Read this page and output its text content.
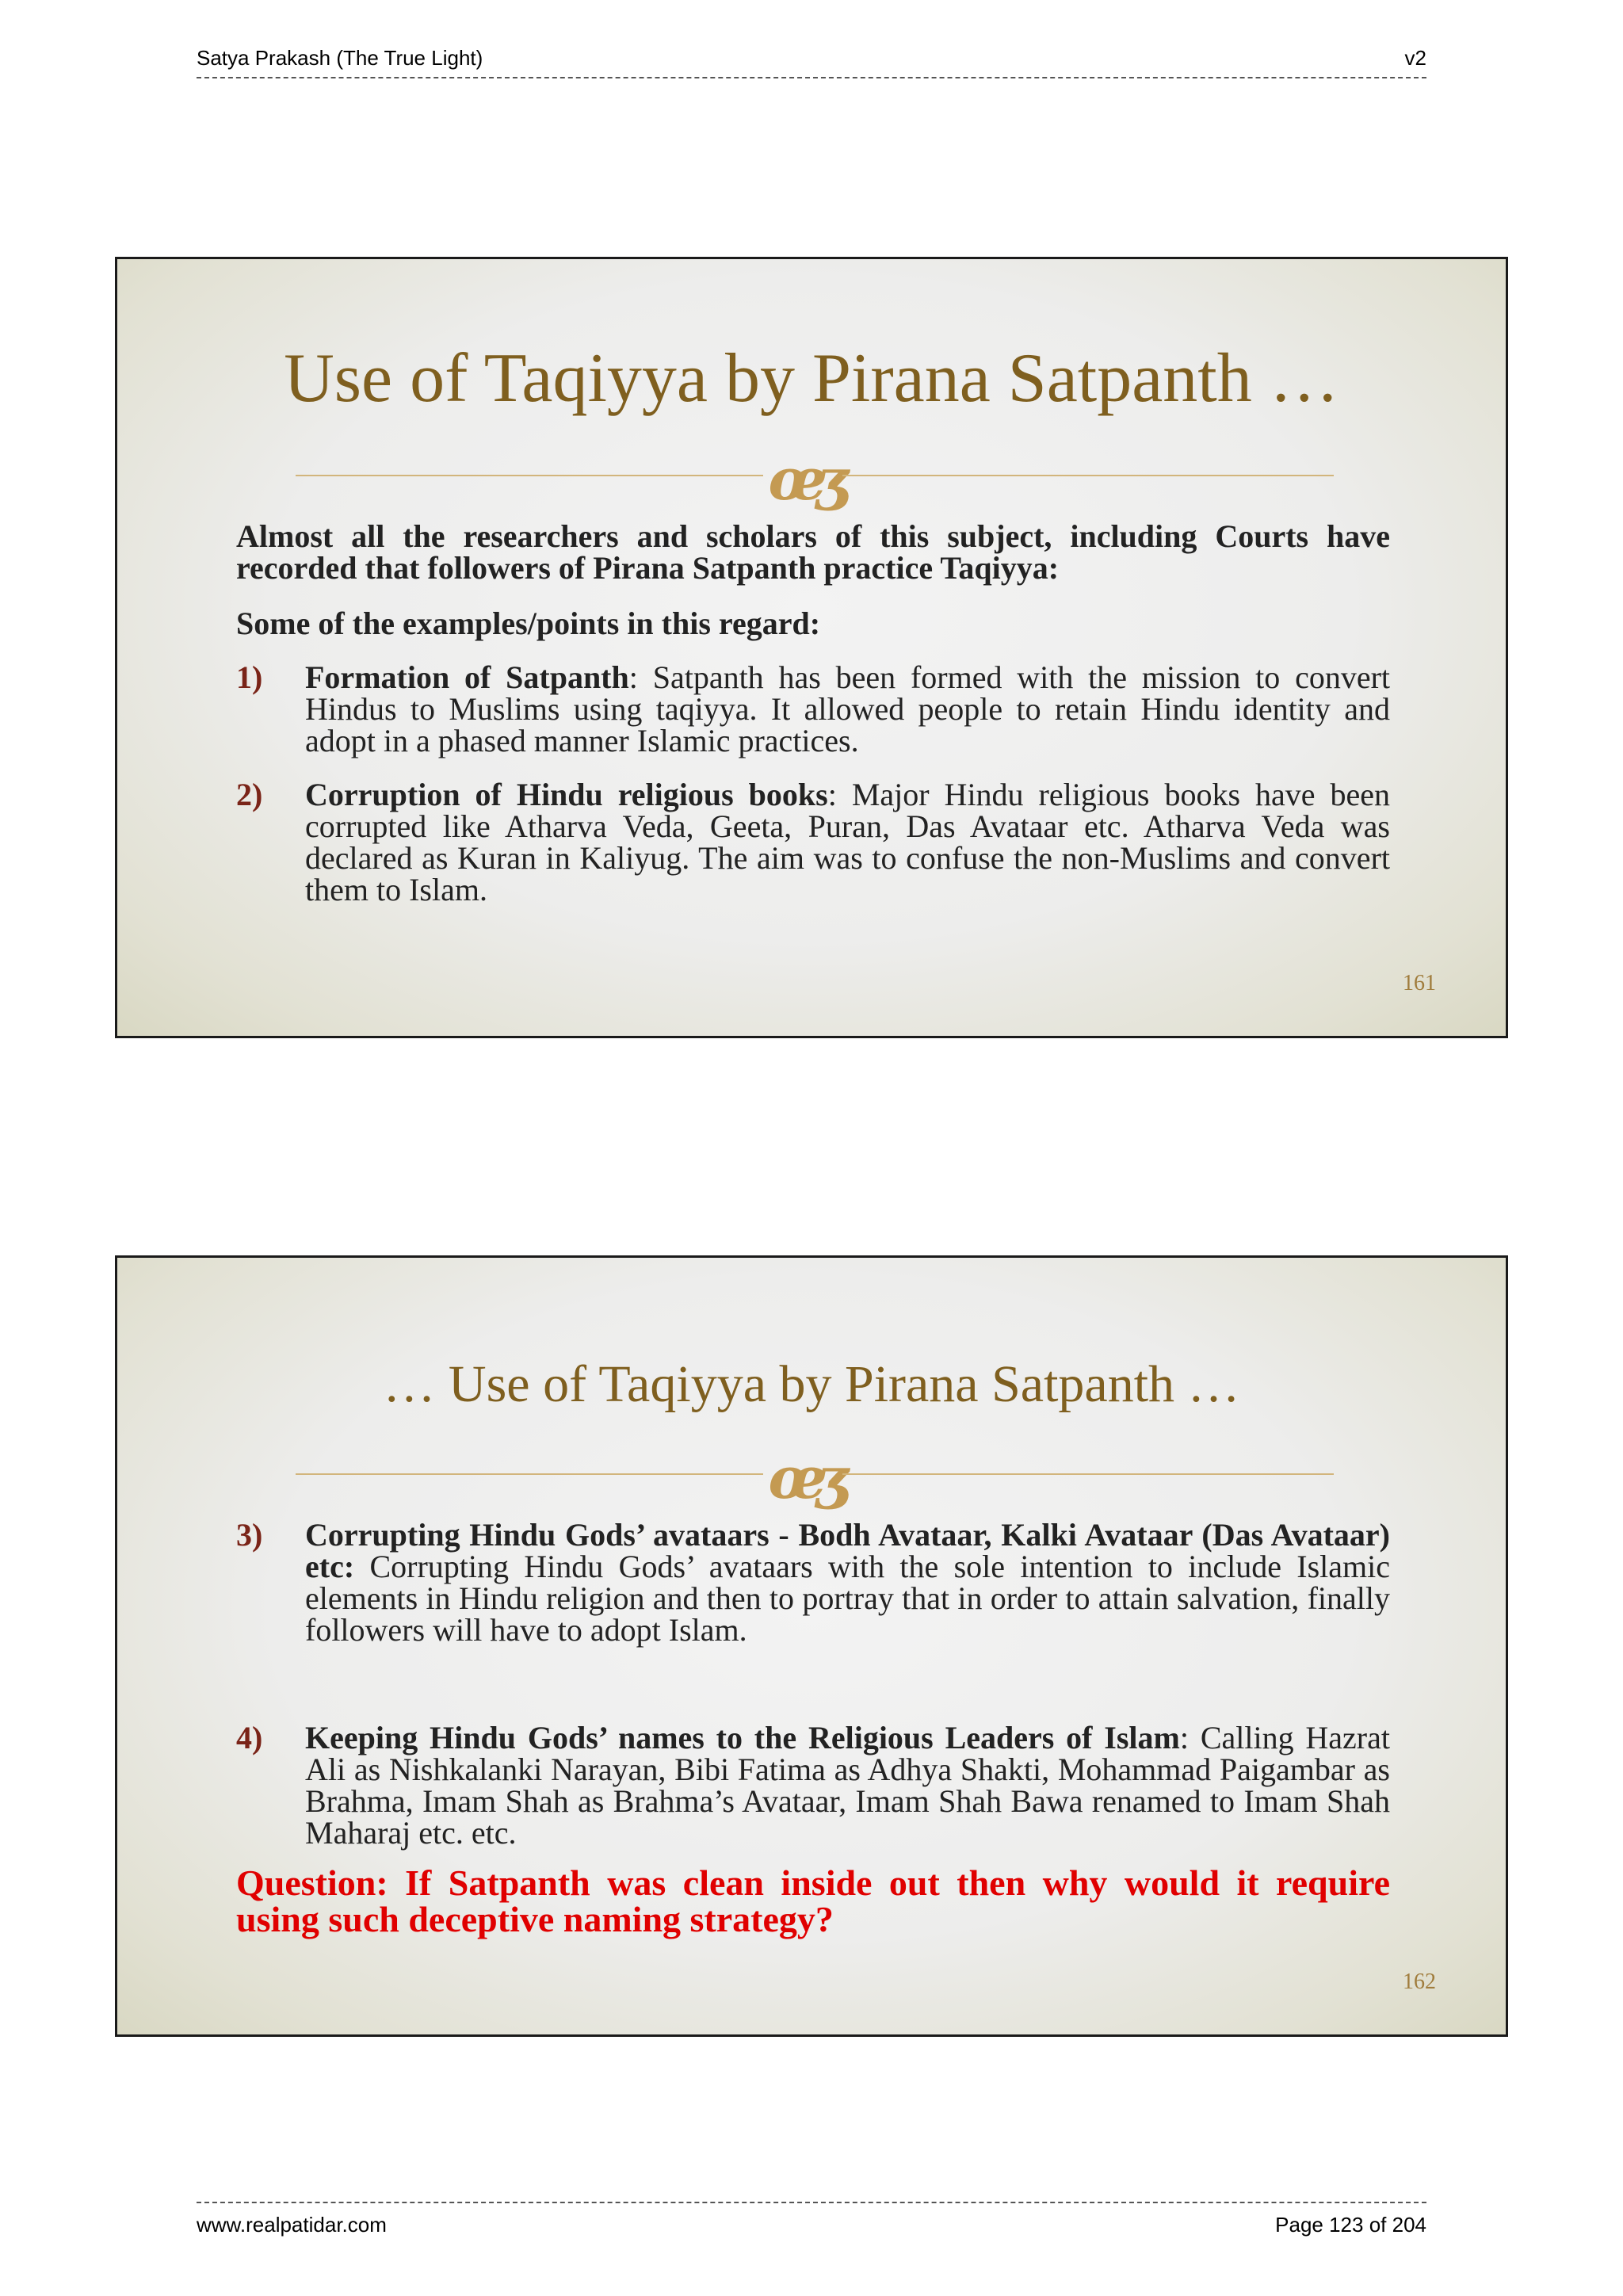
Satya Prakash (The True Light)	v2
Use of Taqiyya by Pirana Satpanth …
œʒ

Almost all the researchers and scholars of this subject, including Courts have recorded that followers of Pirana Satpanth practice Taqiyya:

Some of the examples/points in this regard:

1)	Formation of Satpanth: Satpanth has been formed with the mission to convert Hindus to Muslims using taqiyya. It allowed people to retain Hindu identity and adopt in a phased manner Islamic practices.
2)	Corruption of Hindu religious books: Major Hindu religious books have been corrupted like Atharva Veda, Geeta, Puran, Das Avataar etc. Atharva Veda was declared as Kuran in Kaliyug. The aim was to confuse the non-Muslims and convert them to Islam.
161
… Use of Taqiyya by Pirana Satpanth …
œʒ
3)	Corrupting Hindu Gods’ avataars - Bodh Avataar, Kalki Avataar (Das Avataar) etc: Corrupting Hindu Gods’ avataars with the sole intention to include Islamic elements in Hindu religion and then to portray that in order to attain salvation, finally followers will have to adopt Islam.
4)	Keeping Hindu Gods’ names to the Religious Leaders of Islam: Calling Hazrat Ali as Nishkalanki Narayan, Bibi Fatima as Adhya Shakti, Mohammad Paigambar as Brahma, Imam Shah as Brahma’s Avataar, Imam Shah Bawa renamed to Imam Shah Maharaj etc. etc.

Question: If Satpanth was clean inside out then why would it require using such deceptive naming strategy?

162
www.realpatidar.com	Page 123 of 204
